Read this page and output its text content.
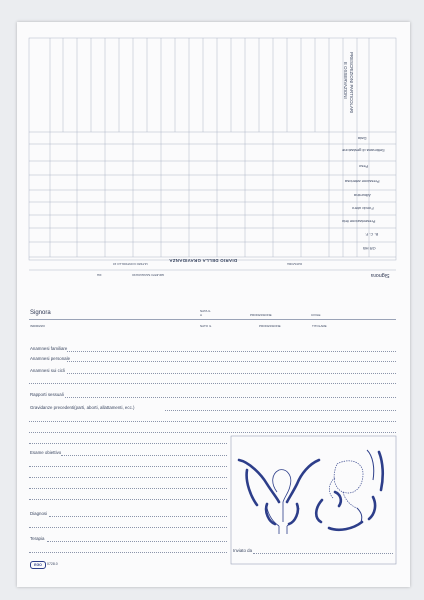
PRESCRIZIONI PARTICOLARI
E OSSERVAZIONI
Data
Settimana di gestazione
Peso
Pressione arteriosa
Albumina
Fondo utero
Presentazione feto
B. C. F.
GR HB
DIARIO DELLA GRAVIDANZA
ULTIMO CONTROLLO 10	DATA/ORA
GRUPPO SANGUIGNO
RH	Signora
Signora	NATA IL
A	PROFESSIONE	CIVILE
INDIRIZZO	NATO IL	PROFESSIONE	TITOLARE
Anamnesi familiare
Anamnesi personale
Anamnesi sui cicli
Rapporti sessuali
Gravidanze precedenti(parti, aborti, allattamenti, ecc.)
Esame obiettivo
Diagnosi
Terapia
Inviato da
EGO 0728.0
